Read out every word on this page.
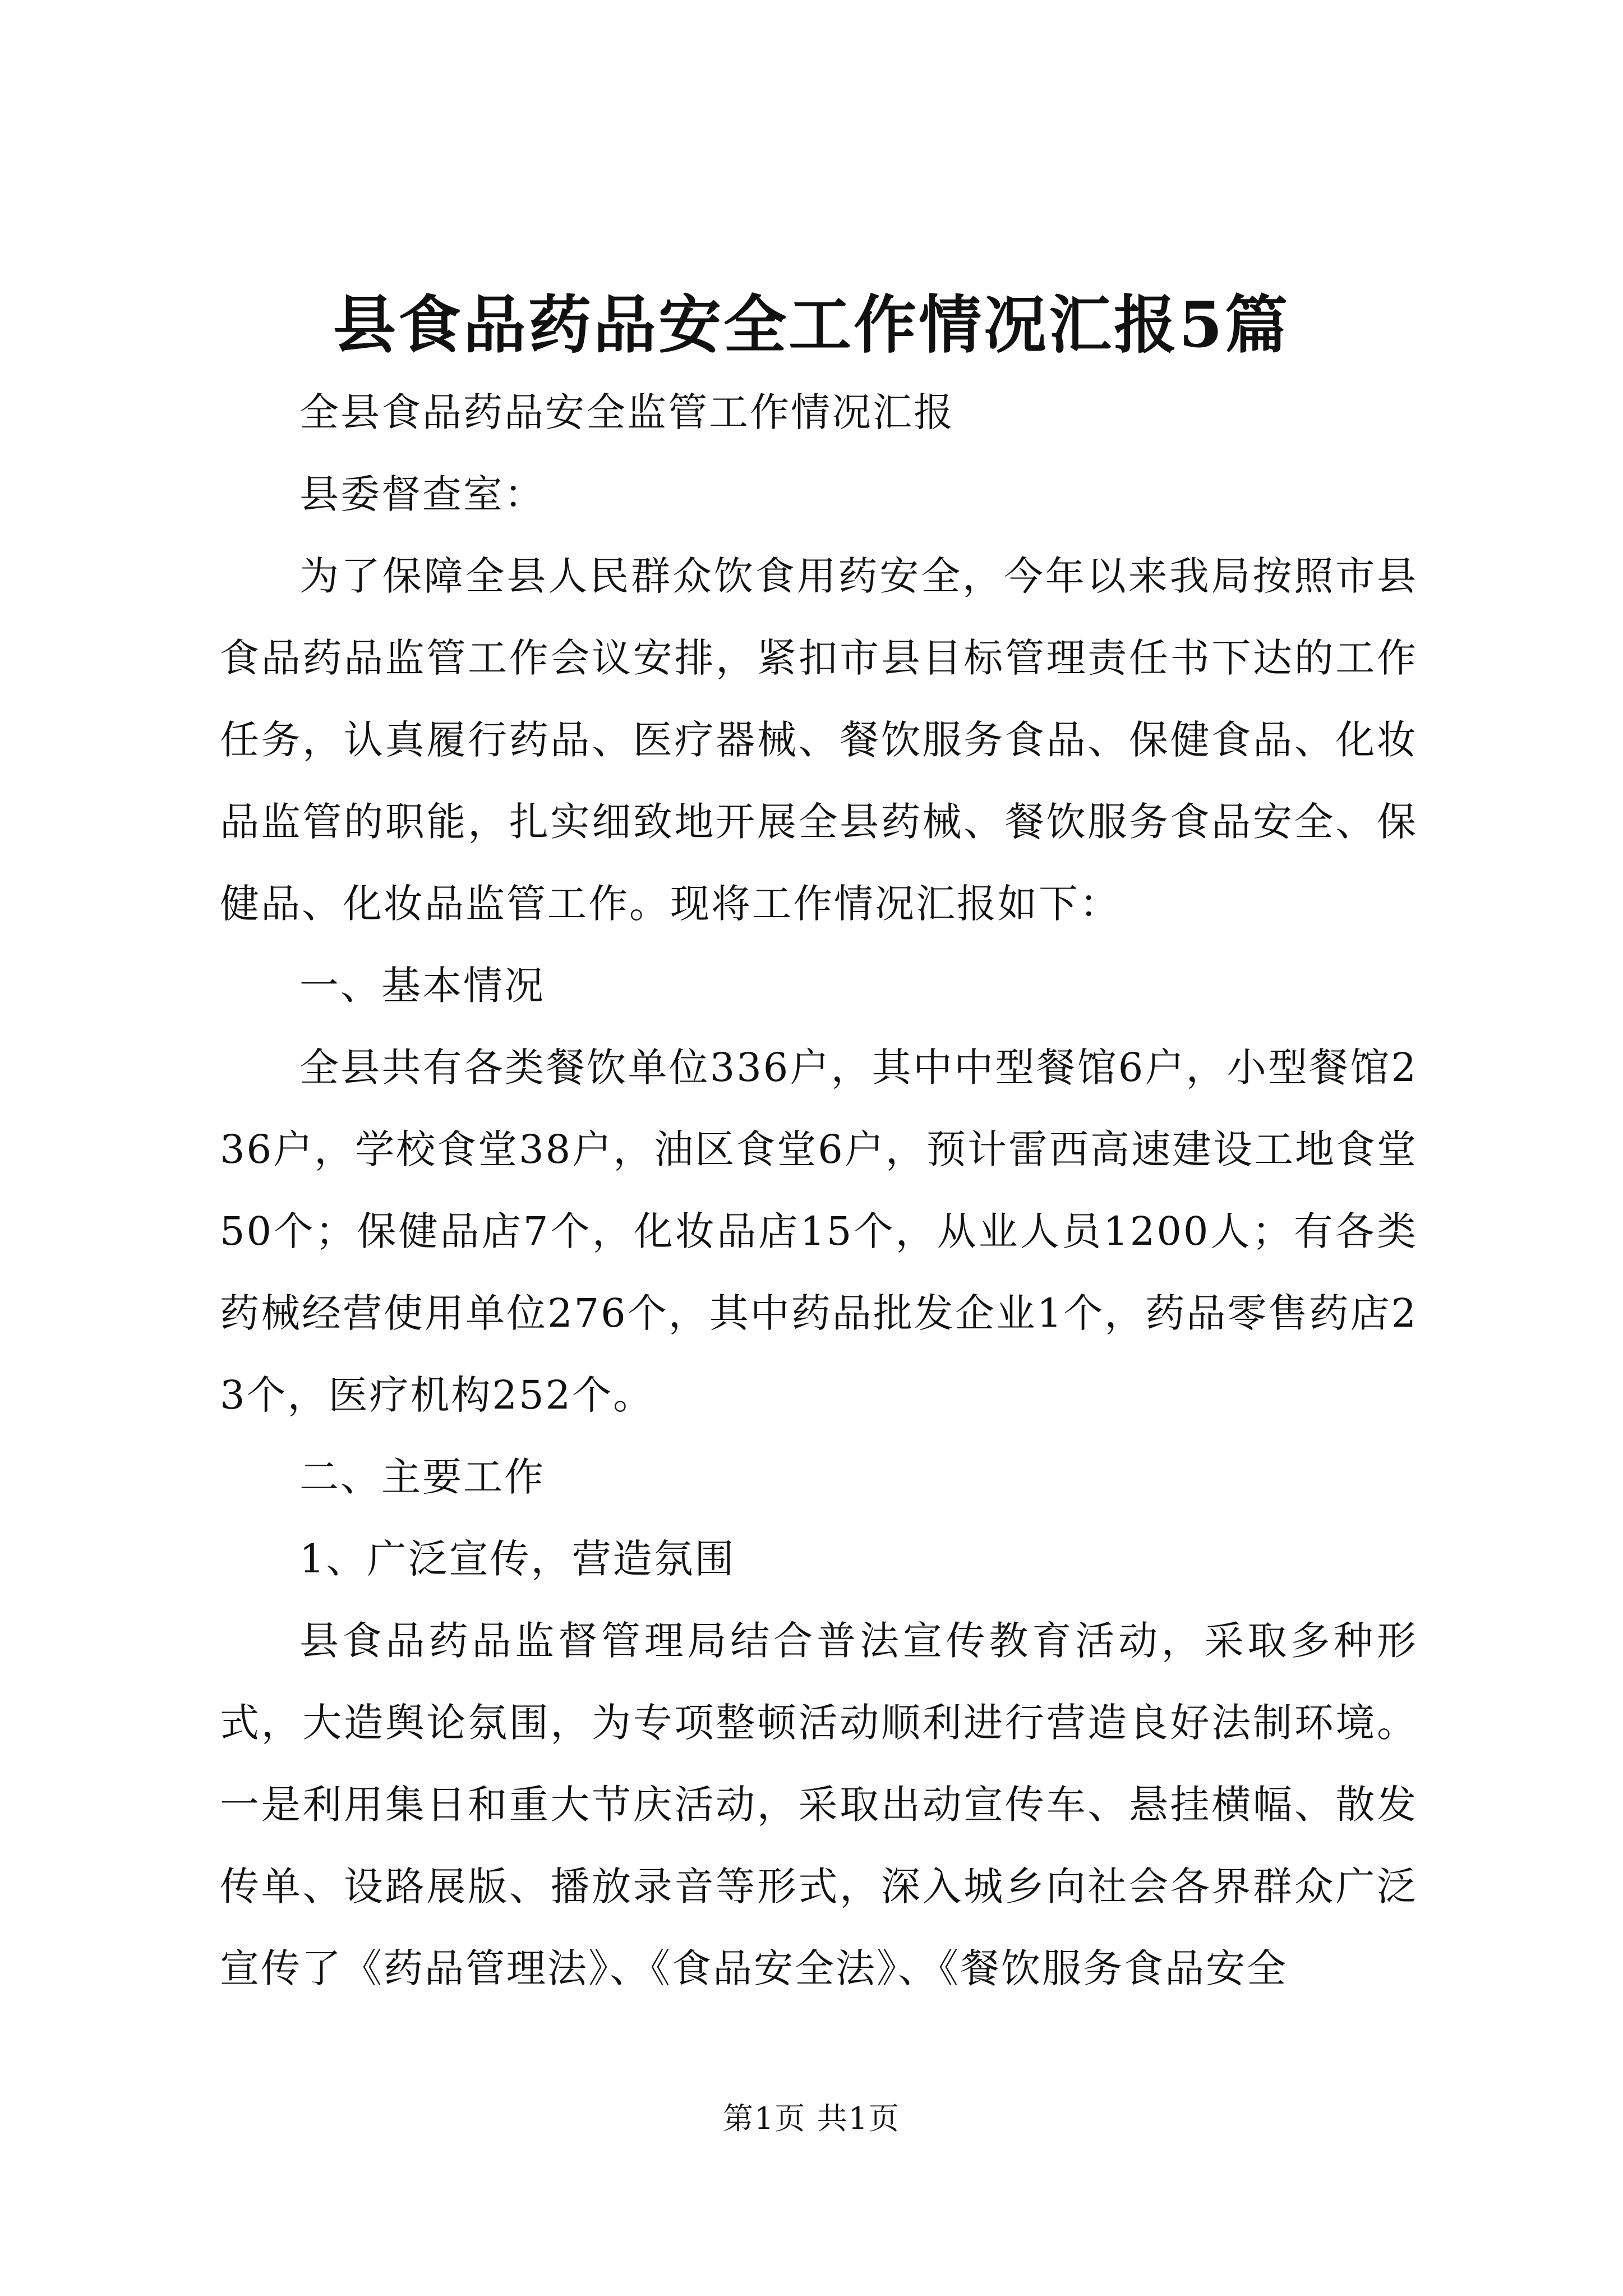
县食品药品安全工作情况汇报5篇

全县食品药品安全监管工作情况汇报

县委督查室：

为了保障全县人民群众饮食用药安全，今年以来我局按照市县食品药品监管工作会议安排，紧扣市县目标管理责任书下达的工作任务，认真履行药品、医疗器械、餐饮服务食品、保健食品、化妆品监管的职能，扎实细致地开展全县药械、餐饮服务食品安全、保健品、化妆品监管工作。现将工作情况汇报如下：

一、基本情况

全县共有各类餐饮单位336户，其中中型餐馆6户，小型餐馆236户，学校食堂38户，油区食堂6户，预计雷西高速建设工地食堂50个；保健品店7个，化妆品店15个，从业人员1200人；有各类药械经营使用单位276个，其中药品批发企业1个，药品零售药店23个，医疗机构252个。

二、主要工作

1、广泛宣传，营造氛围

县食品药品监督管理局结合普法宣传教育活动，采取多种形式，大造舆论氛围，为专项整顿活动顺利进行营造良好法制环境。一是利用集日和重大节庆活动，采取出动宣传车、悬挂横幅、散发传单、设路展版、播放录音等形式，深入城乡向社会各界群众广泛宣传了《药品管理法》、《食品安全法》、《餐饮服务食品安全

第1页 共1页
